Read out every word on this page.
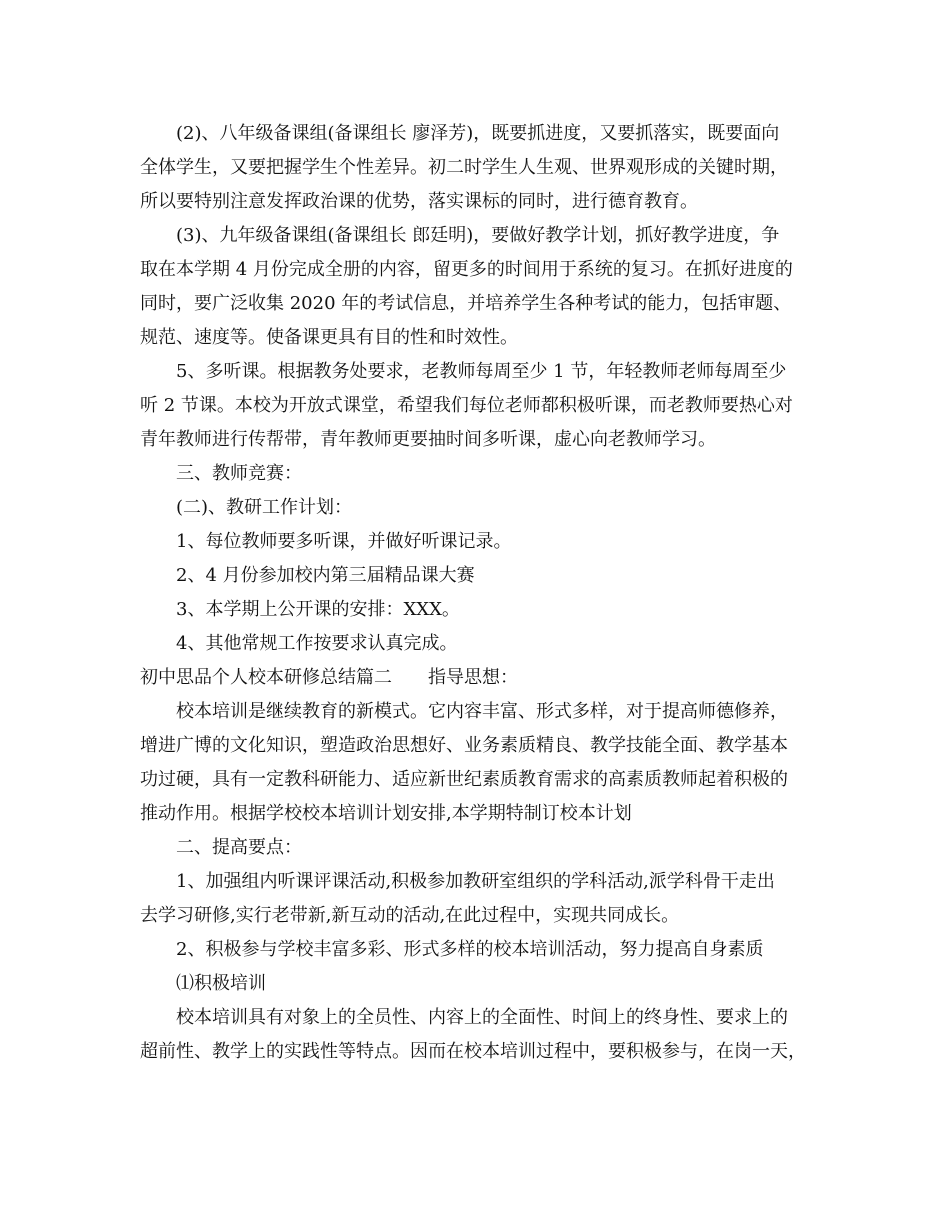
(2)、八年级备课组(备课组长 廖泽芳)，既要抓进度，又要抓落实，既要面向

全体学生，又要把握学生个性差异。初二时学生人生观、世界观形成的关键时期，

所以要特别注意发挥政治课的优势，落实课标的同时，进行德育教育。

(3)、九年级备课组(备课组长 郎廷明)，要做好教学计划，抓好教学进度，争

取在本学期 4 月份完成全册的内容，留更多的时间用于系统的复习。在抓好进度的

同时，要广泛收集 2020 年的考试信息，并培养学生各种考试的能力，包括审题、

规范、速度等。使备课更具有目的性和时效性。

5、多听课。根据教务处要求，老教师每周至少 1 节，年轻教师老师每周至少

听 2 节课。本校为开放式课堂，希望我们每位老师都积极听课，而老教师要热心对

青年教师进行传帮带，青年教师更要抽时间多听课，虚心向老教师学习。

三、教师竞赛：

(二)、教研工作计划：

1、每位教师要多听课，并做好听课记录。

2、4 月份参加校内第三届精品课大赛

3、本学期上公开课的安排：XXX。

4、其他常规工作按要求认真完成。

初中思品个人校本研修总结篇二 指导思想：

校本培训是继续教育的新模式。它内容丰富、形式多样，对于提高师德修养，

增进广博的文化知识，塑造政治思想好、业务素质精良、教学技能全面、教学基本

功过硬，具有一定教科研能力、适应新世纪素质教育需求的高素质教师起着积极的

推动作用。根据学校校本培训计划安排,本学期特制订校本计划

二、提高要点：

1、加强组内听课评课活动,积极参加教研室组织的学科活动,派学科骨干走出

去学习研修,实行老带新,新互动的活动,在此过程中，实现共同成长。

2、积极参与学校丰富多彩、形式多样的校本培训活动，努力提高自身素质

⑴积极培训

校本培训具有对象上的全员性、内容上的全面性、时间上的终身性、要求上的

超前性、教学上的实践性等特点。因而在校本培训过程中，要积极参与，在岗一天，
